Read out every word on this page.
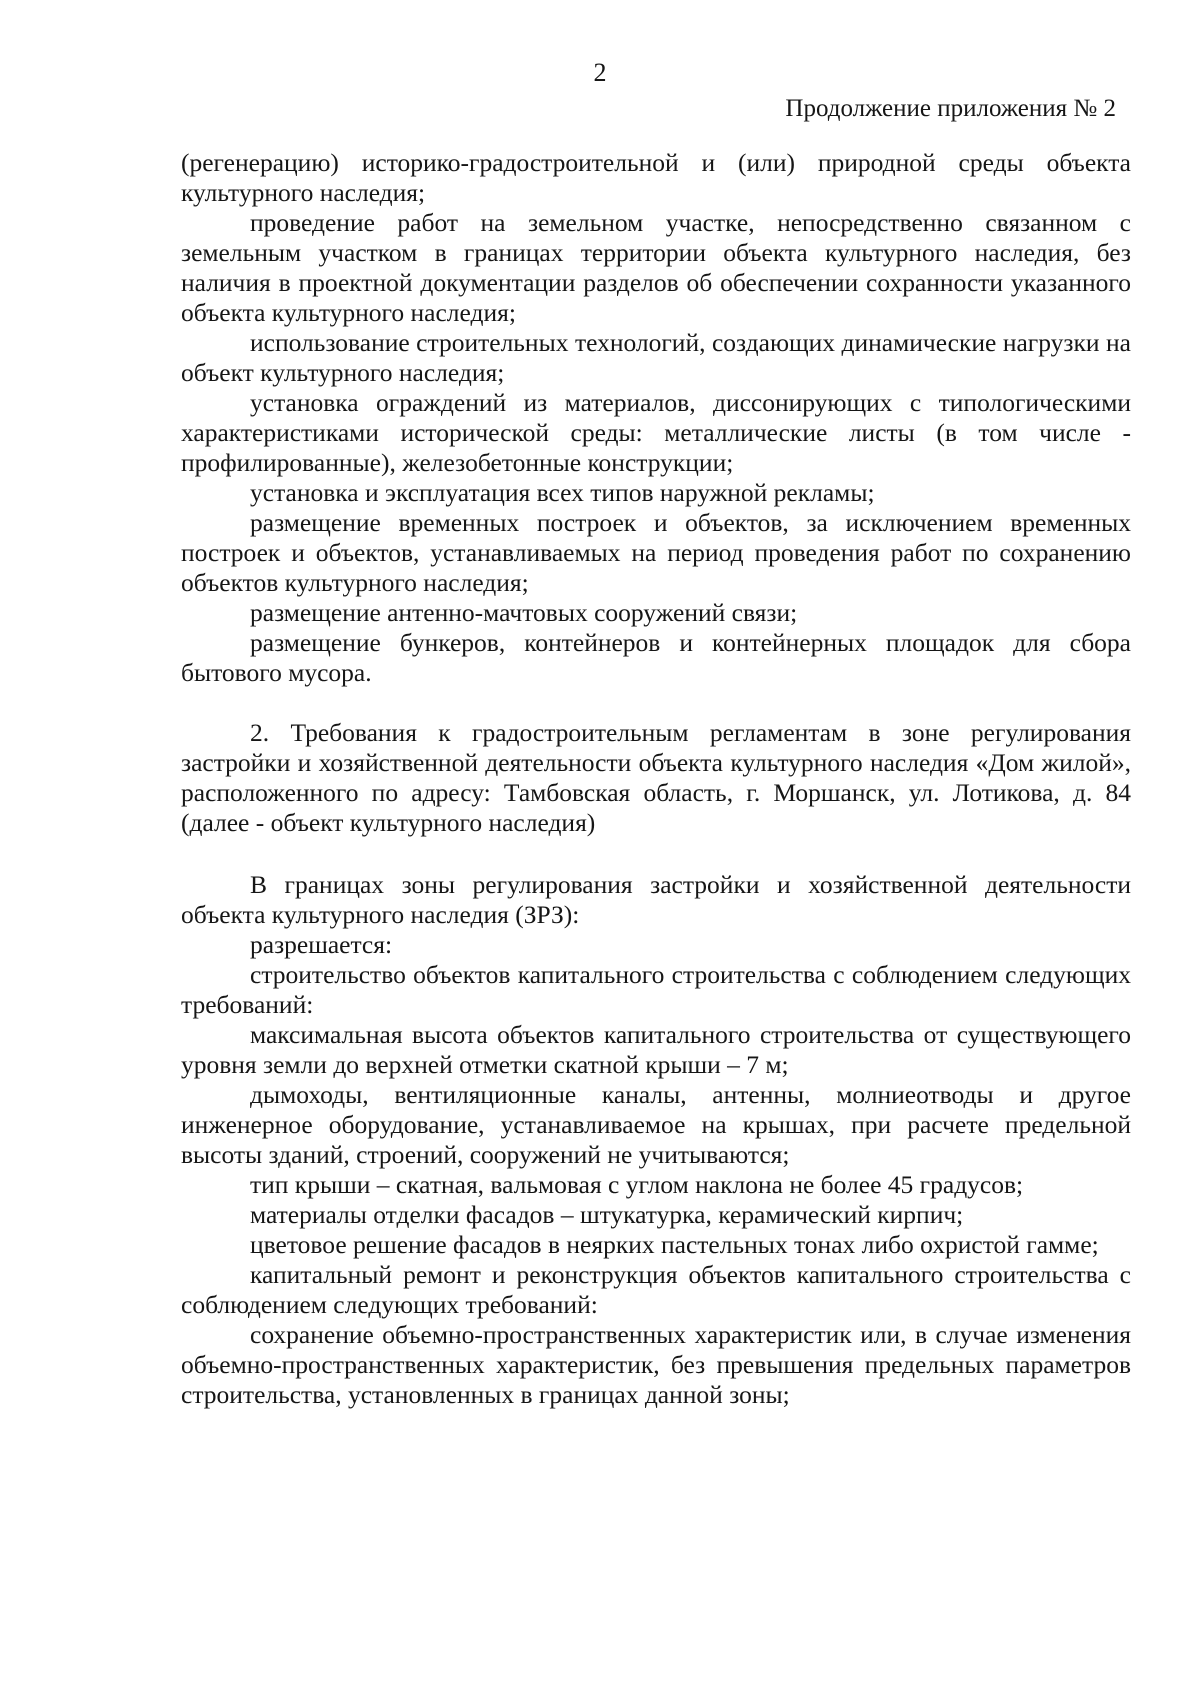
2
Продолжение приложения № 2

(регенерацию) историко-градостроительной и (или) природной среды объекта культурного наследия;

проведение работ на земельном участке, непосредственно связанном с земельным участком в границах территории объекта культурного наследия, без наличия в проектной документации разделов об обеспечении сохранности указанного объекта культурного наследия;

использование строительных технологий, создающих динамические нагрузки на объект культурного наследия;

установка ограждений из материалов, диссонирующих с типологическими характеристиками исторической среды: металлические листы (в том числе - профилированные), железобетонные конструкции;

установка и эксплуатация всех типов наружной рекламы;

размещение временных построек и объектов, за исключением временных построек и объектов, устанавливаемых на период проведения работ по сохранению объектов культурного наследия;

размещение антенно-мачтовых сооружений связи;

размещение бункеров, контейнеров и контейнерных площадок для сбора бытового мусора.

2. Требования к градостроительным регламентам в зоне регулирования застройки и хозяйственной деятельности объекта культурного наследия «Дом жилой», расположенного по адресу: Тамбовская область, г. Моршанск, ул. Лотикова, д. 84 (далее - объект культурного наследия)

В границах зоны регулирования застройки и хозяйственной деятельности объекта культурного наследия (ЗРЗ):

разрешается:

строительство объектов капитального строительства с соблюдением следующих требований:

максимальная высота объектов капитального строительства от существующего уровня земли до верхней отметки скатной крыши – 7 м;

дымоходы, вентиляционные каналы, антенны, молниеотводы и другое инженерное оборудование, устанавливаемое на крышах, при расчете предельной высоты зданий, строений, сооружений не учитываются;

тип крыши – скатная, вальмовая с углом наклона не более 45 градусов;

материалы отделки фасадов – штукатурка, керамический кирпич;

цветовое решение фасадов в неярких пастельных тонах либо охристой гамме;

капитальный ремонт и реконструкция объектов капитального строительства с соблюдением следующих требований:

сохранение объемно-пространственных характеристик или, в случае изменения объемно-пространственных характеристик, без превышения предельных параметров строительства, установленных в границах данной зоны;
